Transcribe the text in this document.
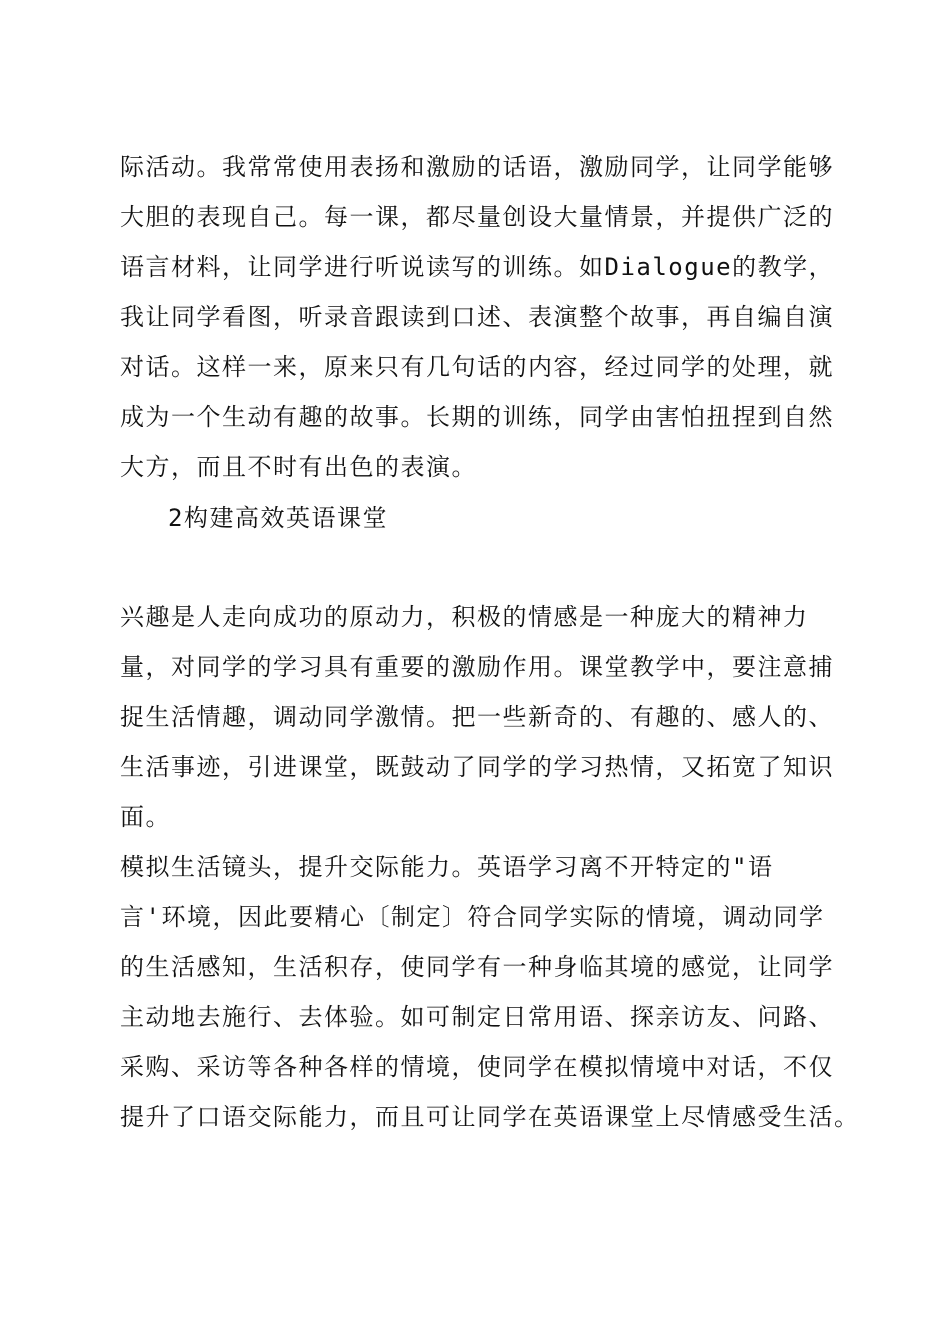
际活动。我常常使用表扬和激励的话语，激励同学，让同学能够

大胆的表现自己。每一课，都尽量创设大量情景，并提供广泛的

语言材料，让同学进行听说读写的训练。如Dialogue的教学，

我让同学看图，听录音跟读到口述、表演整个故事，再自编自演

对话。这样一来，原来只有几句话的内容，经过同学的处理，就

成为一个生动有趣的故事。长期的训练，同学由害怕扭捏到自然

大方，而且不时有出色的表演。

2构建高效英语课堂

兴趣是人走向成功的原动力，积极的情感是一种庞大的精神力

量，对同学的学习具有重要的激励作用。课堂教学中，要注意捕

捉生活情趣，调动同学激情。把一些新奇的、有趣的、感人的、

生活事迹，引进课堂，既鼓动了同学的学习热情，又拓宽了知识

面。

模拟生活镜头，提升交际能力。英语学习离不开特定的"语

言'环境，因此要精心〔制定〕符合同学实际的情境，调动同学

的生活感知，生活积存，使同学有一种身临其境的感觉，让同学

主动地去施行、去体验。如可制定日常用语、探亲访友、问路、

采购、采访等各种各样的情境，使同学在模拟情境中对话，不仅

提升了口语交际能力，而且可让同学在英语课堂上尽情感受生活。
